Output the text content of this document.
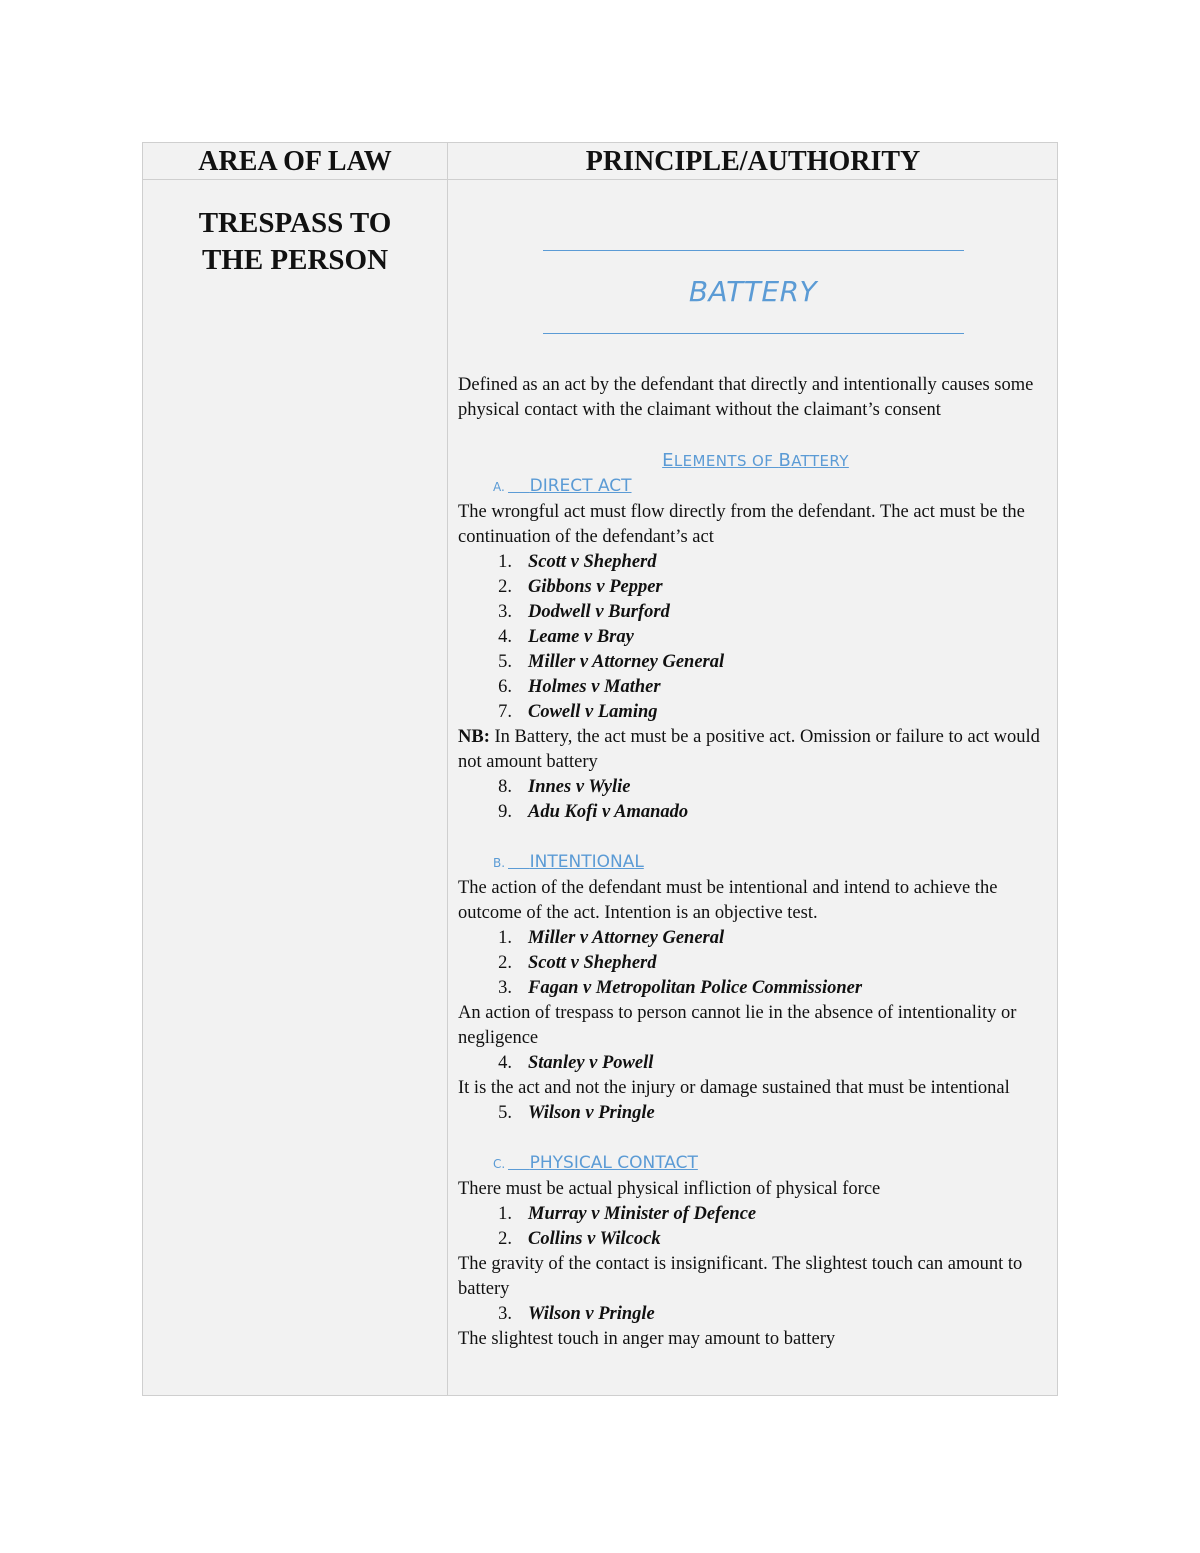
AREA OF LAW	PRINCIPLE/AUTHORITY
TRESPASS TO
THE PERSON
BATTERY

Defined as an act by the defendant that directly and intentionally causes some physical contact with the claimant without the claimant’s consent

ELEMENTS OF BATTERY

A. DIRECT ACT

The wrongful act must flow directly from the defendant. The act must be the continuation of the defendant’s act

1. Scott v Shepherd
2. Gibbons v Pepper
3. Dodwell v Burford
4. Leame v Bray
5. Miller v Attorney General
6. Holmes v Mather
7. Cowell v Laming

NB: In Battery, the act must be a positive act. Omission or failure to act would not amount battery

8. Innes v Wylie
9. Adu Kofi v Amanado

B. INTENTIONAL

The action of the defendant must be intentional and intend to achieve the outcome of the act. Intention is an objective test.

1. Miller v Attorney General
2. Scott v Shepherd
3. Fagan v Metropolitan Police Commissioner

An action of trespass to person cannot lie in the absence of intentionality or negligence

4. Stanley v Powell

It is the act and not the injury or damage sustained that must be intentional

5. Wilson v Pringle

C. PHYSICAL CONTACT

There must be actual physical infliction of physical force

1. Murray v Minister of Defence
2. Collins v Wilcock

The gravity of the contact is insignificant. The slightest touch can amount to battery

3. Wilson v Pringle

The slightest touch in anger may amount to battery
